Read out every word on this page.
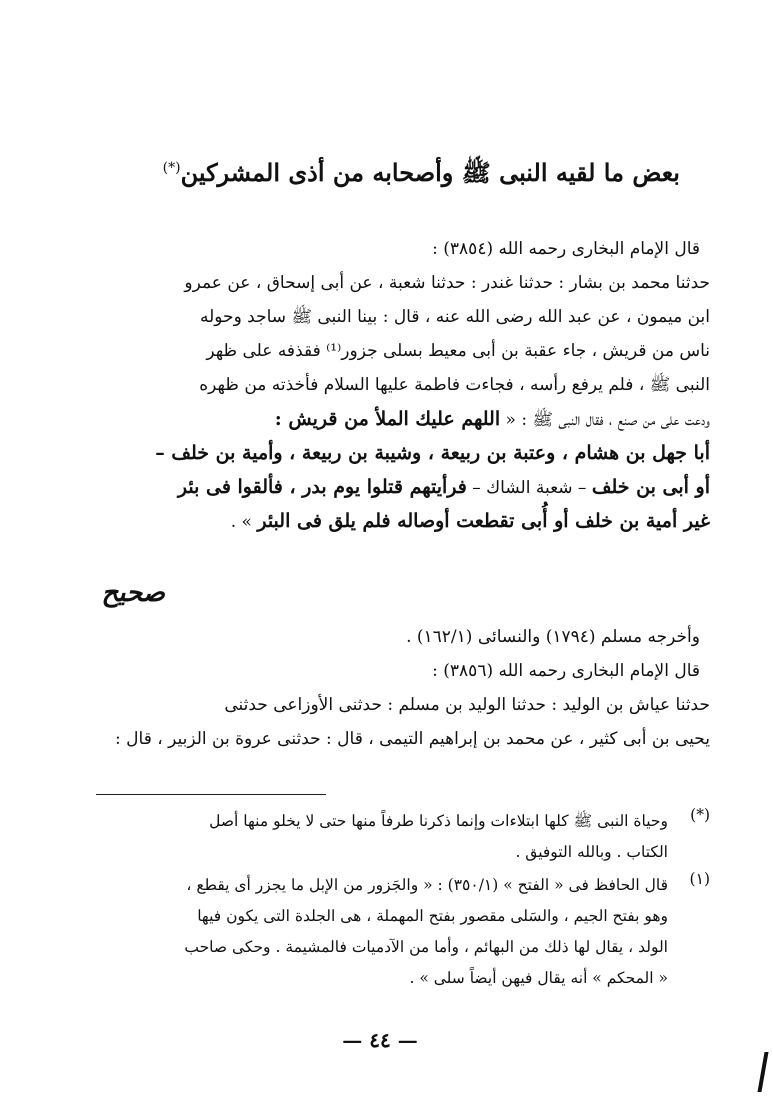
بعض ما لقيه النبى ﷺ وأصحابه من أذى المشركين(*)
قال الإمام البخارى رحمه الله (٣٨٥٤) :
حدثنا محمد بن بشار : حدثنا غندر : حدثنا شعبة ، عن أبى إسحاق ، عن عمرو
ابن ميمون ، عن عبد الله رضى الله عنه ، قال : بينا النبى ﷺ ساجد وحوله
ناس من قريش ، جاء عقبة بن أبى معيط بسلى جزور⁽¹⁾ فقذفه على ظهر
النبى ﷺ ، فلم يرفع رأسه ، فجاءت فاطمة عليها السلام فأخذته من ظهره
ودعت على من صنع ، فقال النبى ﷺ : « اللهم عليك الملأ من قريش :
أبا جهل بن هشام ، وعتبة بن ربيعة ، وشيبة بن ربيعة ، وأمية بن خلف –
أو أبى بن خلف – شعبة الشاك – فرأيتهم قتلوا يوم بدر ، فألقوا فى بئر
غير أمية بن خلف أو أُبى تقطعت أوصاله فلم يلق فى البئر » .
صحيح
وأخرجه مسلم (١٧٩٤) والنسائى (١٦٢/١) .
قال الإمام البخارى رحمه الله (٣٨٥٦) :
حدثنا عياش بن الوليد : حدثنا الوليد بن مسلم : حدثنى الأوزاعى حدثنى
يحيى بن أبى كثير ، عن محمد بن إبراهيم التيمى ، قال : حدثنى عروة بن الزبير ، قال :
(*)
وحياة النبى ﷺ كلها ابتلاءات وإنما ذكرنا طرفاً منها حتى لا يخلو منها أصل
الكتاب . وبالله التوفيق .
(١)
قال الحافظ فى « الفتح » (٣٥٠/١) : « والجَزور من الإبل ما يجزر أى يقطع ،
وهو بفتح الجيم ، والسَلى مقصور بفتح المهملة ، هى الجلدة التى يكون فيها
الولد ، يقال لها ذلك من البهائم ، وأما من الآدميات فالمشيمة . وحكى صاحب
« المحكم » أنه يقال فيهن أيضاً سلى » .
— ٤٤ —
